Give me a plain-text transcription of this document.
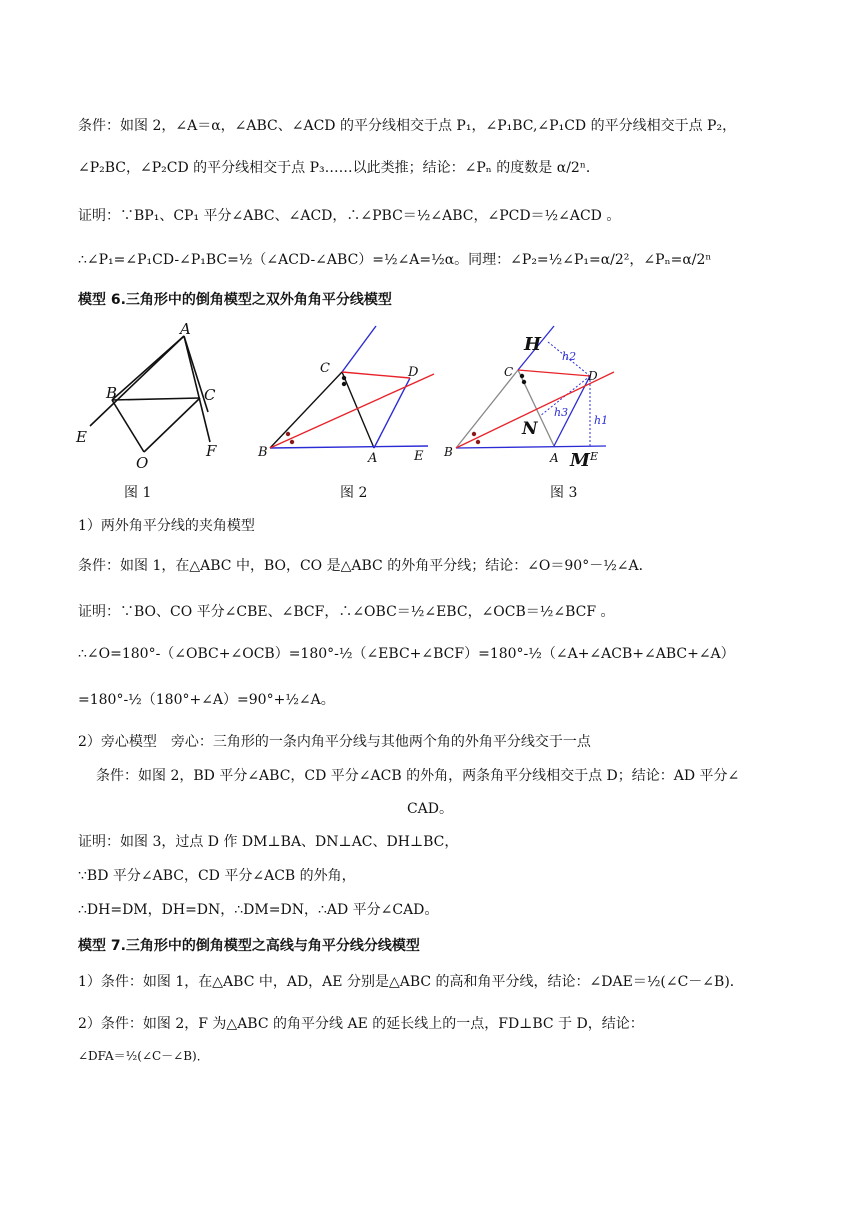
条件：如图 2，∠A＝α，∠ABC、∠ACD 的平分线相交于点 P₁，∠P₁BC,∠P₁CD 的平分线相交于点 P₂，
∠P₂BC，∠P₂CD 的平分线相交于点 P₃……以此类推；结论：∠Pₙ 的度数是 α/2ⁿ．
证明：∵BP₁、CP₁ 平分∠ABC、∠ACD，∴∠PBC＝½∠ABC，∠PCD＝½∠ACD 。
∴∠P₁=∠P₁CD-∠P₁BC=½（∠ACD-∠ABC）=½∠A=½α。同理：∠P₂=½∠P₁=α/2²，∠Pₙ=α/2ⁿ
模型 6.三角形中的倒角模型之双外角角平分线模型
A
B	C
E
F
O
C	D
B	A	E
H
C	D
h2
h3
h1
N
B	A M E
图 1	图 2	图 3
1）两外角平分线的夹角模型
条件：如图 1，在△ABC 中，BO，CO 是△ABC 的外角平分线；结论：∠O＝90°－½∠A．
证明：∵BO、CO 平分∠CBE、∠BCF，∴∠OBC＝½∠EBC，∠OCB＝½∠BCF 。
∴∠O=180°-（∠OBC+∠OCB）=180°-½（∠EBC+∠BCF）=180°-½（∠A+∠ACB+∠ABC+∠A）
=180°-½（180°+∠A）=90°+½∠A。
2）旁心模型　旁心：三角形的一条内角平分线与其他两个角的外角平分线交于一点
条件：如图 2，BD 平分∠ABC，CD 平分∠ACB 的外角，两条角平分线相交于点 D；结论：AD 平分∠
CAD。
证明：如图 3，过点 D 作 DM⊥BA、DN⊥AC、DH⊥BC，
∵BD 平分∠ABC，CD 平分∠ACB 的外角，
∴DH=DM，DH=DN，∴DM=DN，∴AD 平分∠CAD。
模型 7.三角形中的倒角模型之高线与角平分线分线模型
1）条件：如图 1，在△ABC 中，AD，AE 分别是△ABC 的高和角平分线，结论：∠DAE＝½(∠C－∠B)．
2）条件：如图 2，F 为△ABC 的角平分线 AE 的延长线上的一点，FD⊥BC 于 D，结论：
∠DFA＝½(∠C－∠B)．
